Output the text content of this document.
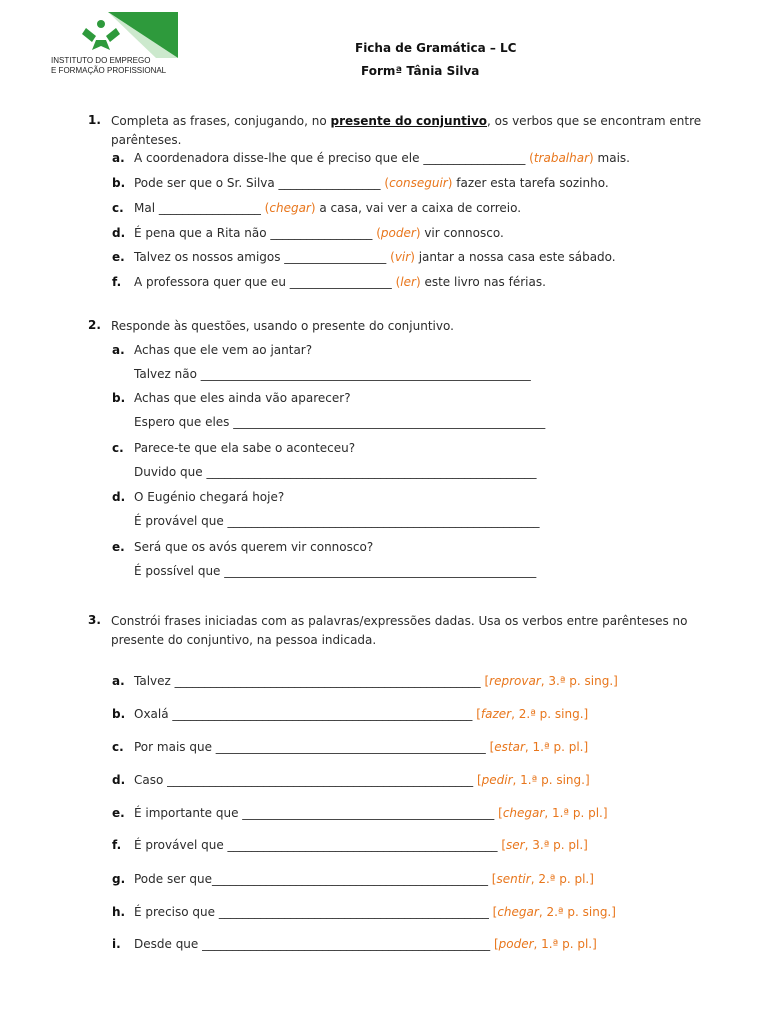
INSTITUTO DO EMPREGO
E FORMAÇÃO PROFISSIONAL
Ficha de Gramática – LC
Formª Tânia Silva
1. Completa as frases, conjugando, no presente do conjuntivo, os verbos que se encontram entre parênteses.
a. A coordenadora disse-lhe que é preciso que ele _________________ (trabalhar) mais.
b. Pode ser que o Sr. Silva _________________ (conseguir) fazer esta tarefa sozinho.
c. Mal _________________ (chegar) a casa, vai ver a caixa de correio.
d. É pena que a Rita não _________________ (poder) vir connosco.
e. Talvez os nossos amigos _________________ (vir) jantar a nossa casa este sábado.
f. A professora quer que eu _________________ (ler) este livro nas férias.
2. Responde às questões, usando o presente do conjuntivo.
a. Achas que ele vem ao jantar?
Talvez não _______________________________________________________
b. Achas que eles ainda vão aparecer?
Espero que eles ____________________________________________________
c. Parece-te que ela sabe o aconteceu?
Duvido que _______________________________________________________
d. O Eugénio chegará hoje?
É provável que ____________________________________________________
e. Será que os avós querem vir connosco?
É possível que ____________________________________________________
3. Constrói frases iniciadas com as palavras/expressões dadas. Usa os verbos entre parênteses no presente do conjuntivo, na pessoa indicada.
a. Talvez ___________________________________________________ [reprovar, 3.ª p. sing.]
b. Oxalá __________________________________________________ [fazer, 2.ª p. sing.]
c. Por mais que _____________________________________________ [estar, 1.ª p. pl.]
d. Caso ___________________________________________________ [pedir, 1.ª p. sing.]
e. É importante que __________________________________________ [chegar, 1.ª p. pl.]
f. É provável que _____________________________________________ [ser, 3.ª p. pl.]
g. Pode ser que______________________________________________ [sentir, 2.ª p. pl.]
h. É preciso que _____________________________________________ [chegar, 2.ª p. sing.]
i. Desde que ________________________________________________ [poder, 1.ª p. pl.]
